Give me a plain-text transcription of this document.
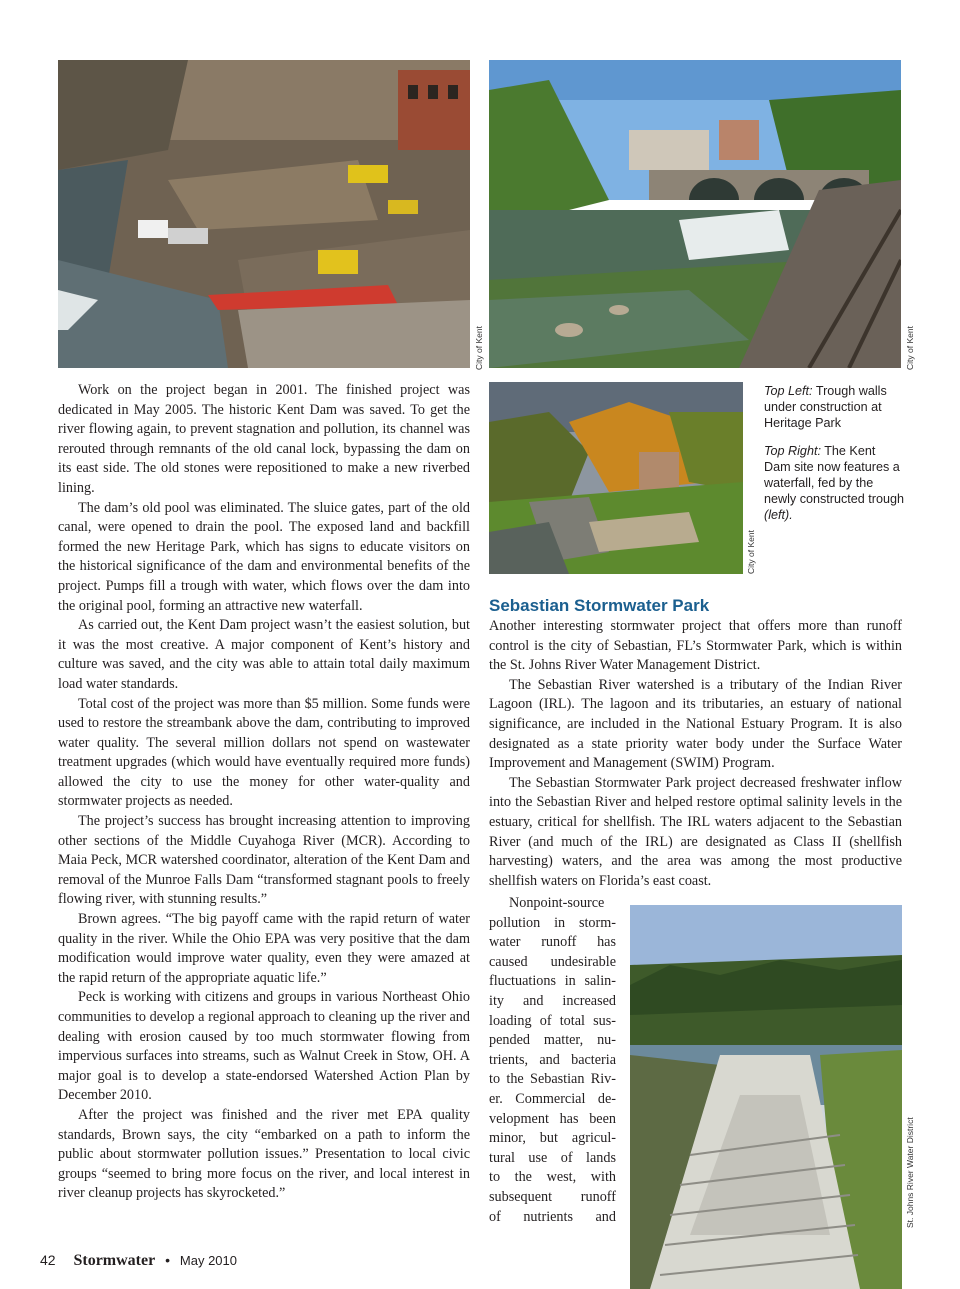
City of Kent	City of Kent

Work on the project began in 2001. The finished project was dedicated in May 2005. The historic Kent Dam was saved. To get the river flowing again, to prevent stagnation and pollution, its channel was rerouted through remnants of the old canal lock, bypassing the dam on its east side. The old stones were repositioned to make a new riverbed lining.

The dam’s old pool was eliminated. The sluice gates, part of the old canal, were opened to drain the pool. The exposed land and backfill formed the new Heritage Park, which has signs to educate visitors on the historical significance of the dam and environmental benefits of the project. Pumps fill a trough with water, which flows over the dam into the original pool, forming an attractive new waterfall.

As carried out, the Kent Dam project wasn’t the easiest solution, but it was the most creative. A major component of Kent’s history and culture was saved, and the city was able to attain total daily maximum load water standards.

Total cost of the project was more than $5 million. Some funds were used to restore the streambank above the dam, contributing to improved water quality. The several million dollars not spend on wastewater treatment upgrades (which would have eventually required more funds) allowed the city to use the money for other water-quality and stormwater projects as needed.

The project’s success has brought increasing attention to improving other sections of the Middle Cuyahoga River (MCR). According to Maia Peck, MCR watershed coordinator, alteration of the Kent Dam and removal of the Munroe Falls Dam “transformed stagnant pools to freely flowing river, with stunning results.”

Brown agrees. “The big payoff came with the rapid return of water quality in the river. While the Ohio EPA was very positive that the dam modification would improve water quality, even they were amazed at the rapid return of the appropriate aquatic life.”

Peck is working with citizens and groups in various Northeast Ohio communities to develop a regional approach to cleaning up the river and dealing with erosion caused by too much stormwater flowing from impervious surfaces into streams, such as Walnut Creek in Stow, OH. A major goal is to develop a state-endorsed Watershed Action Plan by December 2010.

After the project was finished and the river met EPA quality standards, Brown says, the city “embarked on a path to inform the public about stormwater pollution issues.” Presentation to local civic groups “seemed to bring more focus on the river, and local interest in river cleanup projects has skyrocketed.”

City of Kent

Top Left: Trough walls under construction at Heritage Park

Top Right: The Kent Dam site now features a waterfall, fed by the newly constructed trough (left).

Sebastian Stormwater Park

Another interesting stormwater project that offers more than runoff control is the city of Sebastian, FL’s Stormwater Park, which is within the St. Johns River Water Management District.

The Sebastian River watershed is a tributary of the Indian River Lagoon (IRL). The lagoon and its tributaries, an estuary of national significance, are included in the National Estuary Program. It is also designated as a state priority water body under the Surface Water Improvement and Management (SWIM) Program.

The Sebastian Stormwater Park project decreased freshwater inflow into the Sebastian River and helped restore optimal salinity levels in the estuary, critical for shellfish. The IRL waters adjacent to the Sebastian River (and much of the IRL) are designated as Class II (shellfish harvesting) waters, and the area was among the most productive shellfish waters on Florida’s east coast.

Nonpoint-source
pollution in storm-
water runoff has
caused undesirable
fluctuations in salin-
ity and increased
loading of total sus-
pended matter, nu-
trients, and bacteria
to the Sebastian Riv-
er. Commercial de-
velopment has been
minor, but agricul-
tural use of lands
to the west, with
subsequent runoff
of nutrients and	St. Johns River Water District
42 Stormwater • May 2010
